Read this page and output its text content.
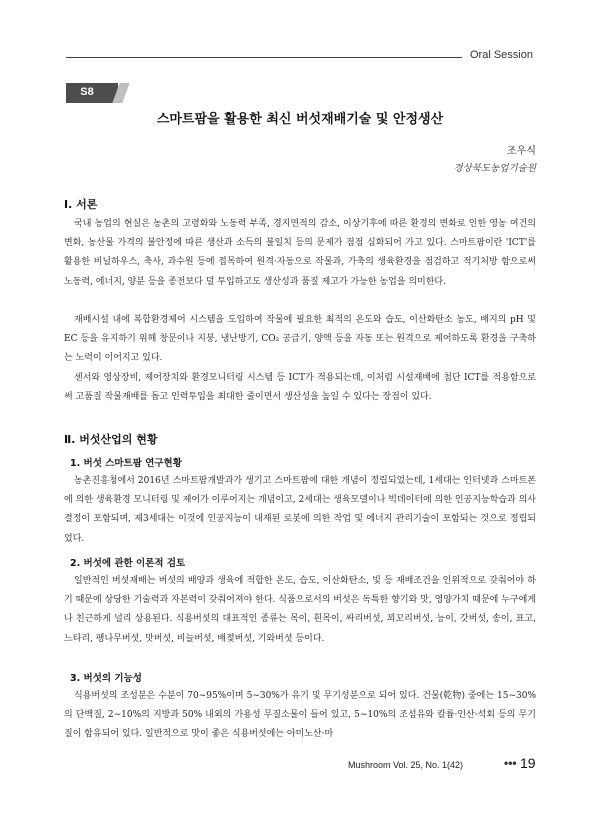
Oral Session
S8
스마트팜을 활용한 최신 버섯재배기술 및 안정생산
조우식
경상북도농업기술원
Ⅰ. 서론

국내 농업의 현실은 농촌의 고령화와 노동력 부족, 경지면적의 감소, 이상기후에 따른 환경의 변화로 인한 영농 여건의 변화, 농산물 가격의 불안정에 따른 생산과 소득의 불일치 등의 문제가 점점 심화되어 가고 있다. 스마트팜이란 'ICT'를 활용한 비닐하우스, 축사, 과수원 등에 접목하여 원격·자동으로 작물과, 가축의 생육환경을 점검하고 적기처방 함으로써 노동력, 에너지, 양분 등을 종전보다 덜 투입하고도 생산성과 품질 제고가 가능한 농업을 의미한다.

재배시설 내에 복합환경제어 시스템을 도입하여 작물에 필요한 최적의 온도와 습도, 이산화탄소 농도, 배지의 pH 및 EC 등을 유지하기 위해 창문이나 지붕, 냉난방기, CO₂ 공급기, 양액 등을 자동 또는 원격으로 제어하도록 환경을 구축하는 노력이 이어지고 있다.

센서와 영상장비, 제어장치와 환경모니터링 시스템 등 ICT가 적용되는데, 이처럼 시설재배에 첨단 ICT를 적용함으로써 고품질 작물재배를 돕고 인력투입을 최대한 줄이면서 생산성을 높일 수 있다는 장점이 있다.

Ⅱ. 버섯산업의 현황
1. 버섯 스마트팜 연구현황

농촌진흥청에서 2016년 스마트팜개발과가 생기고 스마트팜에 대한 개념이 정립되었는데, 1세대는 인터넷과 스마트폰에 의한 생육환경 모니터링 및 제어가 이루어지는 개념이고, 2세대는 생육모델이나 빅데이터에 의한 인공지능학습과 의사결정이 포함되며, 제3세대는 이것에 인공지능이 내재된 로봇에 의한 작업 및 에너지 관리기술이 포함되는 것으로 정립되었다.

2. 버섯에 관한 이론적 검토

일반적인 버섯재배는 버섯의 배양과 생육에 적합한 온도, 습도, 이산화탄소, 빛 등 재배조건을 인위적으로 갖춰어야 하기 때문에 상당한 기술력과 자본력이 갖춰어져야 한다. 식품으로서의 버섯은 독특한 향기와 맛, 영양가치 때문에 누구에게나 친근하게 널리 상용된다. 식용버섯의 대표적인 종류는 목이, 흰목이, 싸리버섯, 꾀꼬리버섯, 능이, 갓버섯, 송이, 표고, 느타리, 팽나무버섯, 맛버섯, 비늘버섯, 배젖버섯, 기와버섯 등이다.

3. 버섯의 기능성

식용버섯의 조성분은 수분이 70∼95%이며 5∼30%가 유기 및 무기성분으로 되어 있다. 건물(乾物) 중에는 15∼30%의 단백질, 2∼10%의 지방과 50% 내외의 가용성 무질소물이 들어 있고, 5∼10%의 조섬유와 칼륨·인산·석회 등의 무기질이 함유되어 있다. 일반적으로 맛이 좋은 식용버섯에는 아미노산·마

Mushroom Vol. 25, No. 1(42)	••• 19
